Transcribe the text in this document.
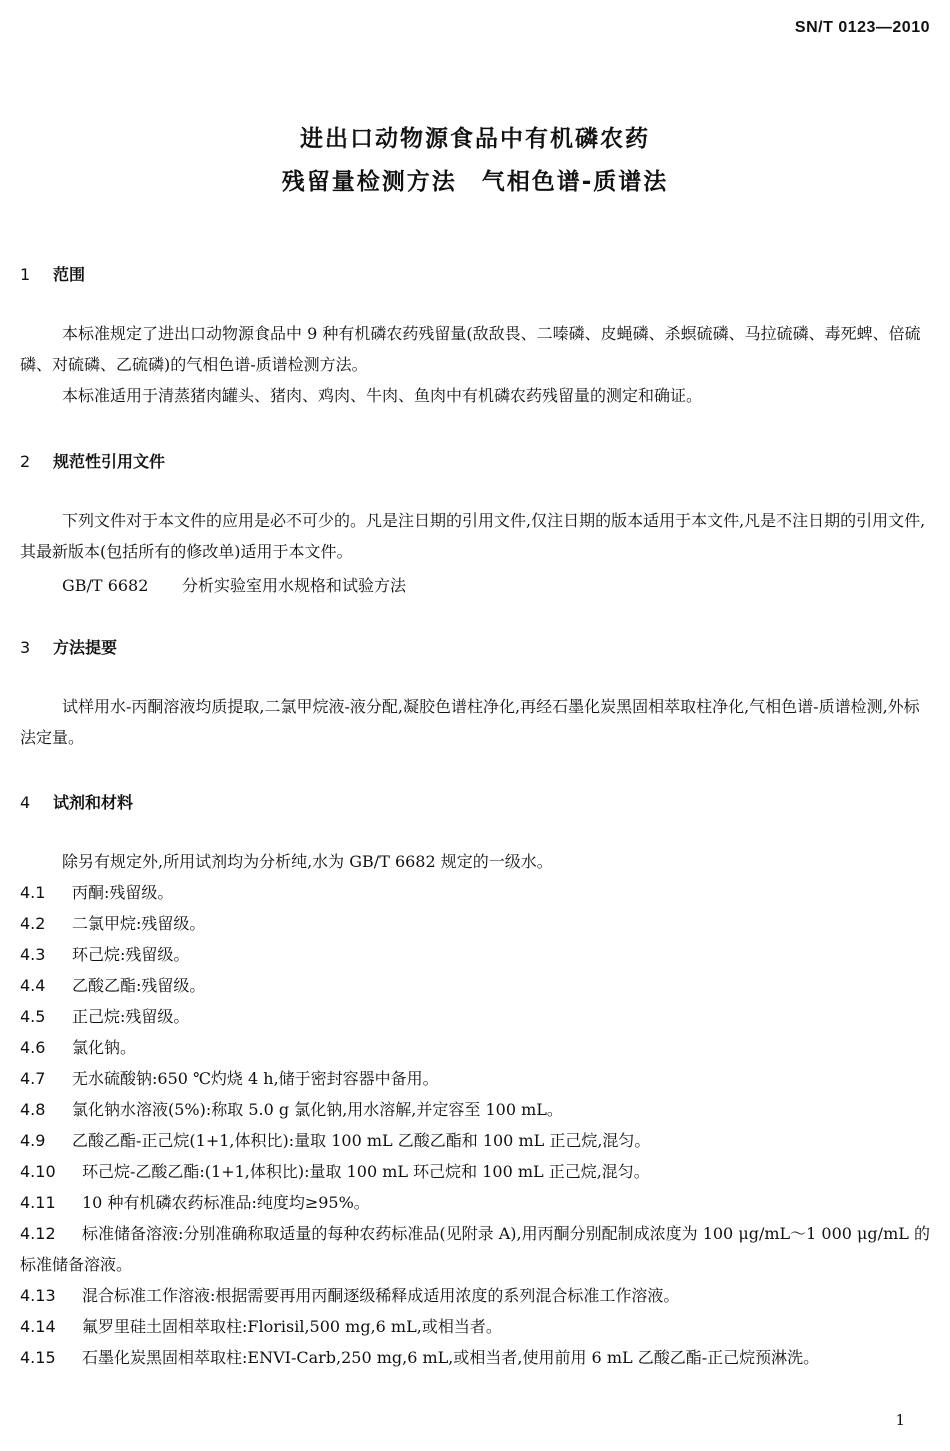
SN/T 0123—2010
进出口动物源食品中有机磷农药
残留量检测方法　气相色谱-质谱法
1 范围
本标准规定了进出口动物源食品中 9 种有机磷农药残留量(敌敌畏、二嗪磷、皮蝇磷、杀螟硫磷、马拉硫磷、毒死蜱、倍硫磷、对硫磷、乙硫磷)的气相色谱-质谱检测方法。
本标准适用于清蒸猪肉罐头、猪肉、鸡肉、牛肉、鱼肉中有机磷农药残留量的测定和确证。
2 规范性引用文件
下列文件对于本文件的应用是必不可少的。凡是注日期的引用文件,仅注日期的版本适用于本文件,凡是不注日期的引用文件,其最新版本(包括所有的修改单)适用于本文件。
GB/T 6682 分析实验室用水规格和试验方法
3 方法提要
试样用水-丙酮溶液均质提取,二氯甲烷液-液分配,凝胶色谱柱净化,再经石墨化炭黑固相萃取柱净化,气相色谱-质谱检测,外标法定量。
4 试剂和材料
除另有规定外,所用试剂均为分析纯,水为 GB/T 6682 规定的一级水。
4.1 丙酮:残留级。
4.2 二氯甲烷:残留级。
4.3 环己烷:残留级。
4.4 乙酸乙酯:残留级。
4.5 正己烷:残留级。
4.6 氯化钠。
4.7 无水硫酸钠:650 ℃灼烧 4 h,储于密封容器中备用。
4.8 氯化钠水溶液(5%):称取 5.0 g 氯化钠,用水溶解,并定容至 100 mL。
4.9 乙酸乙酯-正己烷(1+1,体积比):量取 100 mL 乙酸乙酯和 100 mL 正己烷,混匀。
4.10 环己烷-乙酸乙酯:(1+1,体积比):量取 100 mL 环己烷和 100 mL 正己烷,混匀。
4.11 10 种有机磷农药标准品:纯度均≥95%。
4.12 标准储备溶液:分别准确称取适量的每种农药标准品(见附录 A),用丙酮分别配制成浓度为 100 μg/mL～1 000 μg/mL 的标准储备溶液。
4.13 混合标准工作溶液:根据需要再用丙酮逐级稀释成适用浓度的系列混合标准工作溶液。
4.14 氟罗里硅土固相萃取柱:Florisil,500 mg,6 mL,或相当者。
4.15 石墨化炭黑固相萃取柱:ENVI-Carb,250 mg,6 mL,或相当者,使用前用 6 mL 乙酸乙酯-正己烷预淋洗。
1
